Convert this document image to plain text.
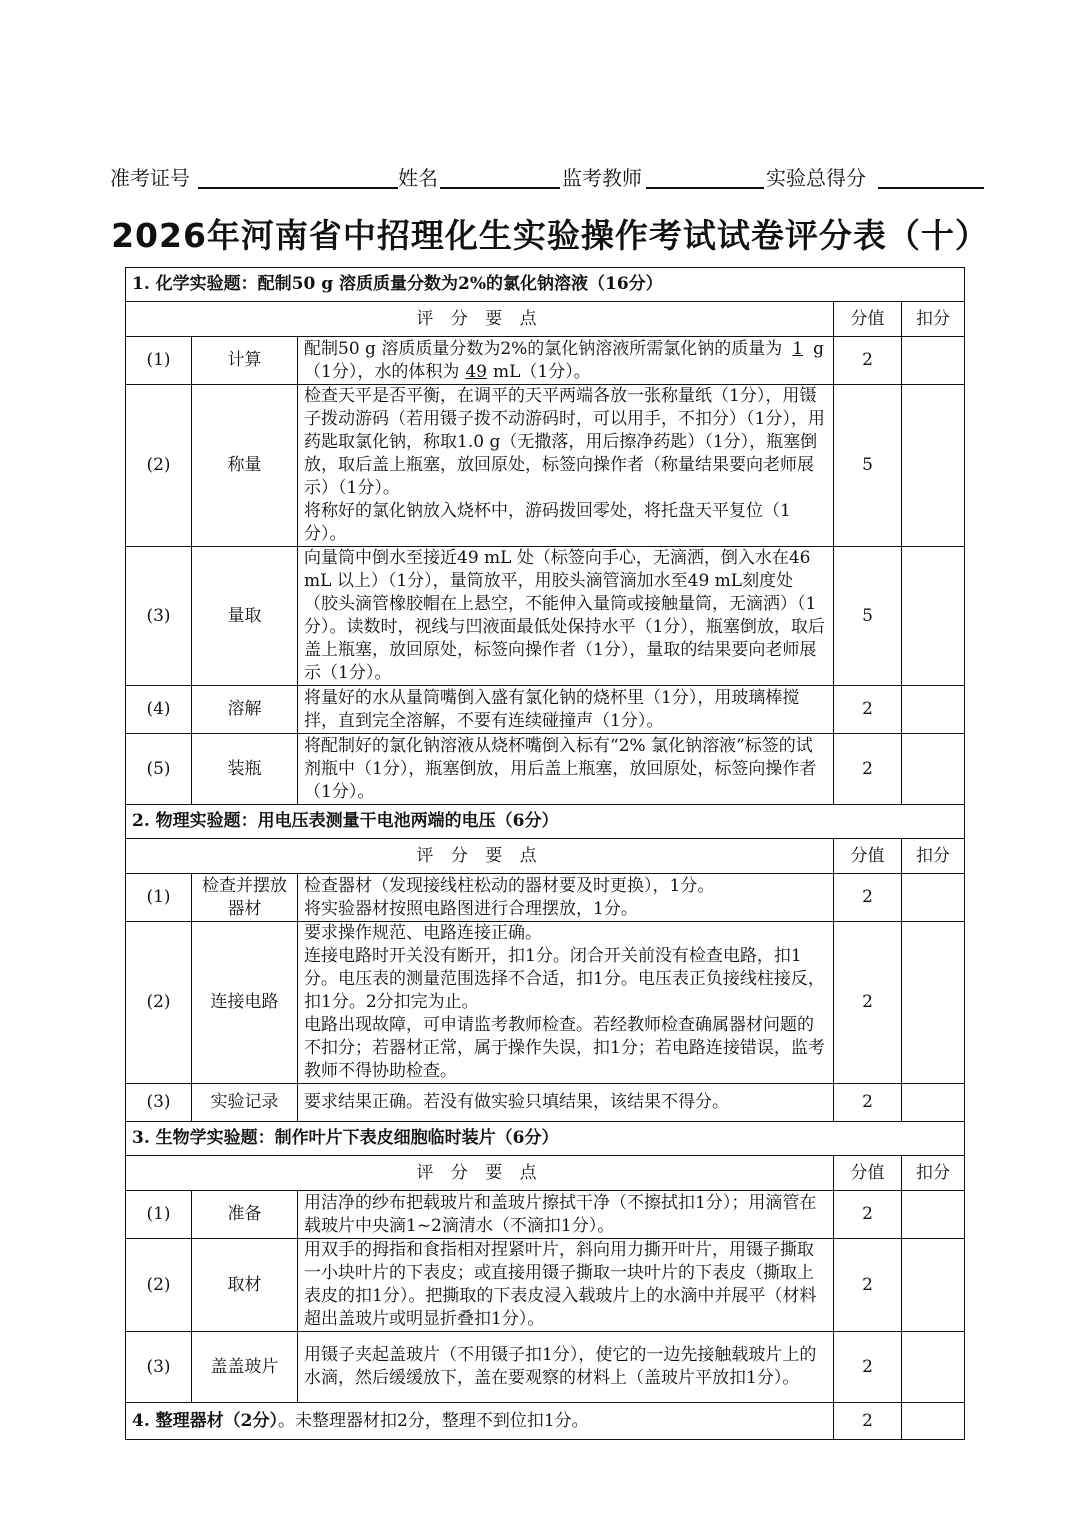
准考证号	姓名	监考教师	实验总得分
2026年河南省中招理化生实验操作考试试卷评分表（十）
1. 化学实验题：配制50 g 溶质质量分数为2%的氯化钠溶液（16分）				
评 分 要 点			分值	扣分
(1)	计算	配制50 g 溶质质量分数为2%的氯化钠溶液所需氯化钠的质量为 1 g（1分），水的体积为 49 mL（1分）。	2	
(2)	称量	检查天平是否平衡，在调平的天平两端各放一张称量纸（1分），用镊子拨动游码（若用镊子拨不动游码时，可以用手，不扣分）（1分），用药匙取氯化钠，称取1.0 g（无撒落，用后擦净药匙）（1分），瓶塞倒放，取后盖上瓶塞，放回原处，标签向操作者（称量结果要向老师展示）（1分）。
将称好的氯化钠放入烧杯中，游码拨回零处，将托盘天平复位（1分）。	5	
(3)	量取	向量筒中倒水至接近49 mL 处（标签向手心，无滴洒，倒入水在46 mL 以上）（1分），量筒放平，用胶头滴管滴加水至49 mL刻度处（胶头滴管橡胶帽在上悬空，不能伸入量筒或接触量筒，无滴洒）（1分）。读数时，视线与凹液面最低处保持水平（1分），瓶塞倒放，取后盖上瓶塞，放回原处，标签向操作者（1分），量取的结果要向老师展示（1分）。	5	
(4)	溶解	将量好的水从量筒嘴倒入盛有氯化钠的烧杯里（1分），用玻璃棒搅拌，直到完全溶解，不要有连续碰撞声（1分）。	2	
(5)	装瓶	将配制好的氯化钠溶液从烧杯嘴倒入标有“2% 氯化钠溶液”标签的试剂瓶中（1分），瓶塞倒放，用后盖上瓶塞，放回原处，标签向操作者（1分）。	2	
2. 物理实验题：用电压表测量干电池两端的电压（6分）				
评 分 要 点			分值	扣分
(1)	检查并摆放器材	检查器材（发现接线柱松动的器材要及时更换），1分。
将实验器材按照电路图进行合理摆放，1分。	2	
(2)	连接电路	要求操作规范、电路连接正确。
连接电路时开关没有断开，扣1分。闭合开关前没有检查电路，扣1分。电压表的测量范围选择不合适，扣1分。电压表正负接线柱接反，扣1分。2分扣完为止。
电路出现故障，可申请监考教师检查。若经教师检查确属器材问题的不扣分；若器材正常，属于操作失误，扣1分；若电路连接错误，监考教师不得协助检查。	2	
(3)	实验记录	要求结果正确。若没有做实验只填结果，该结果不得分。	2	
3. 生物学实验题：制作叶片下表皮细胞临时装片（6分）				
评 分 要 点			分值	扣分
(1)	准备	用洁净的纱布把载玻片和盖玻片擦拭干净（不擦拭扣1分）；用滴管在载玻片中央滴1~2滴清水（不滴扣1分）。	2	
(2)	取材	用双手的拇指和食指相对捏紧叶片，斜向用力撕开叶片，用镊子撕取一小块叶片的下表皮；或直接用镊子撕取一块叶片的下表皮（撕取上表皮的扣1分）。把撕取的下表皮浸入载玻片上的水滴中并展平（材料超出盖玻片或明显折叠扣1分）。	2	
(3)	盖盖玻片	用镊子夹起盖玻片（不用镊子扣1分），使它的一边先接触载玻片上的水滴，然后缓缓放下，盖在要观察的材料上（盖玻片平放扣1分）。	2	
4. 整理器材（2分）。未整理器材扣2分，整理不到位扣1分。			2	
